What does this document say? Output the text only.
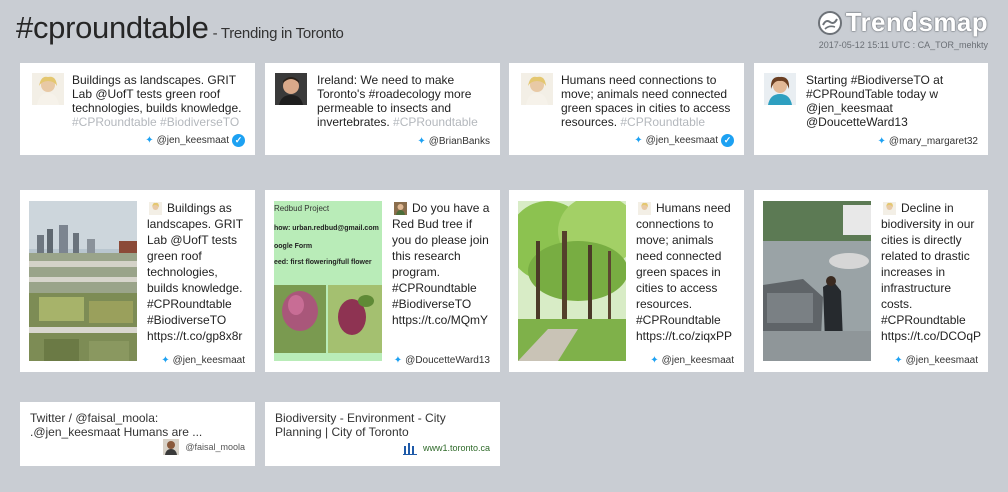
#cproundtable - Trending in Toronto	Trendsmap
2017-05-12 15:11 UTC : CA_TOR_mehkty
Buildings as landscapes. GRIT Lab @UofT tests green roof technologies, builds knowledge. #CPRoundtable #BiodiverseTO
✦ @jen_keesmaat ✓
Ireland: We need to make Toronto's #roadecology more permeable to insects and invertebrates. #CPRoundtable
✦ @BrianBanks
Humans need connections to move; animals need connected green spaces in cities to access resources. #CPRoundtable
✦ @jen_keesmaat ✓
Starting #BiodiverseTO at #CPRoundTable today w @jen_keesmaat @DoucetteWard13
✦ @mary_margaret32
Buildings as landscapes. GRIT Lab @UofT tests green roof technologies, builds knowledge. #CPRoundtable #BiodiverseTO https://t.co/gp8x8r
✦ @jen_keesmaat
Redbud Project
how: urban.redbud@gmail.com
oogle Form
eed: first flowering/full flower
Do you have a Red Bud tree if you do please join this research program. #CPRoundtable #BiodiverseTO https://t.co/MQmY
✦ @DoucetteWard13
Humans need connections to move; animals need connected green spaces in cities to access resources. #CPRoundtable https://t.co/ziqxPP
✦ @jen_keesmaat
Decline in biodiversity in our cities is directly related to drastic increases in infrastructure costs. #CPRoundtable https://t.co/DCOqP
✦ @jen_keesmaat
Twitter / @faisal_moola: .@jen_keesmaat Humans are ...
@faisal_moola
Biodiversity - Environment - City Planning | City of Toronto
www1.toronto.ca
